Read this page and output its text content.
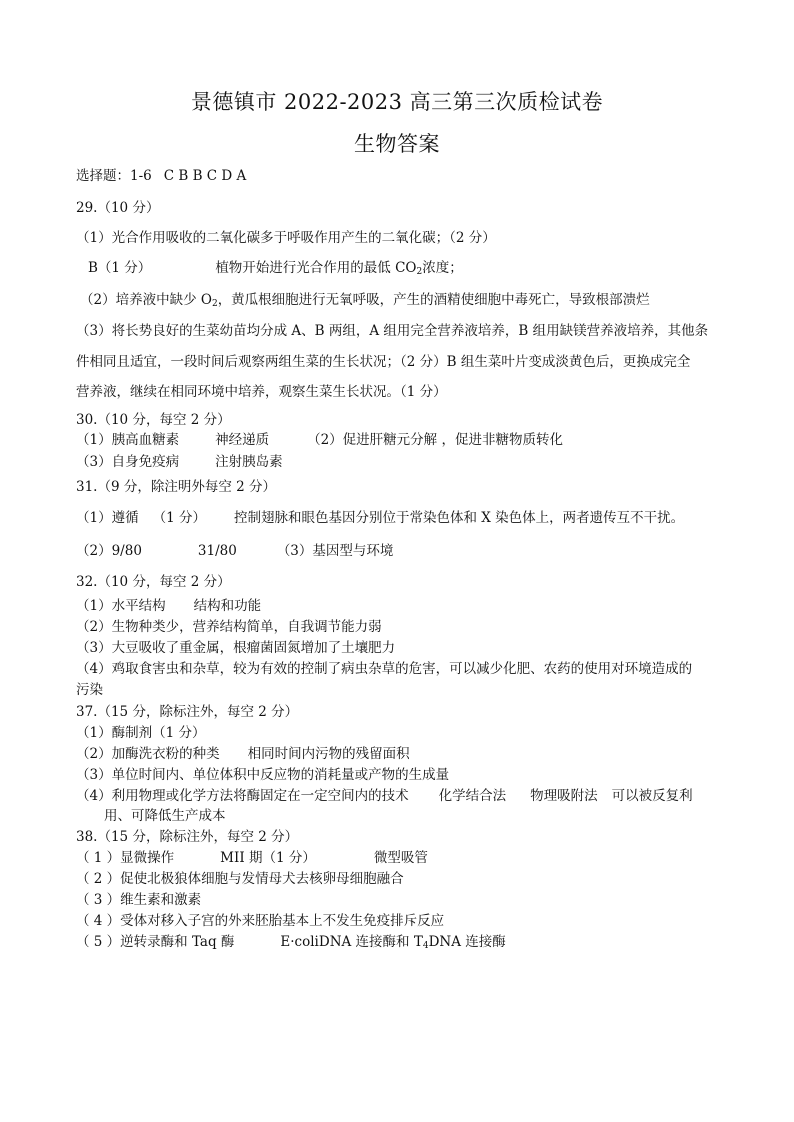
景德镇市 2022-2023 高三第三次质检试卷
生物答案
选择题：1-6 C B B C D A
29.（10 分）
（1）光合作用吸收的二氧化碳多于呼吸作用产生的二氧化碳；（2 分）
B（1 分）	植物开始进行光合作用的最低 $CO_2$浓度；
（2）培养液中缺少 $O_2$，黄瓜根细胞进行无氧呼吸，产生的酒精使细胞中毒死亡，导致根部溃烂
（3）将长势良好的生菜幼苗均分成 A、B 两组，A 组用完全营养液培养，B 组用缺镁营养液培养，其他条
件相同且适宜，一段时间后观察两组生菜的生长状况；（2 分）B 组生菜叶片变成淡黄色后，更换成完全
营养液，继续在相同环境中培养，观察生菜生长状况。（1 分）
30.（10 分，每空 2 分）
（1）胰高血糖素	神经递质	（2）促进肝糖元分解 ，促进非糖物质转化
（3）自身免疫病	注射胰岛素
31.（9 分，除注明外每空 2 分）
（1）遵循 （1 分） 控制翅脉和眼色基因分别位于常染色体和 X 染色体上，两者遗传互不干扰。
（2）9/80	31/80	（3）基因型与环境
32.（10 分，每空 2 分）
（1）水平结构 结构和功能
（2）生物种类少，营养结构简单，自我调节能力弱
（3）大豆吸收了重金属，根瘤菌固氮增加了土壤肥力
（4）鸡取食害虫和杂草，较为有效的控制了病虫杂草的危害，可以减少化肥、农药的使用对环境造成的
污染
37.（15 分，除标注外，每空 2 分）
（1）酶制剂（1 分）
（2）加酶洗衣粉的种类 相同时间内污物的残留面积
（3）单位时间内、单位体积中反应物的消耗量或产物的生成量
（4）利用物理或化学方法将酶固定在一定空间内的技术 化学结合法 物理吸附法 可以被反复利
用、可降低生产成本
38.（15 分，除标注外，每空 2 分）
（ 1 ）显微操作	MII 期（1 分）	微型吸管
（ 2 ）促使北极狼体细胞与发情母犬去核卵母细胞融合
（ 3 ）维生素和激素
（ 4 ）受体对移入子宫的外来胚胎基本上不发生免疫排斥反应
（ 5 ）逆转录酶和 Taq 酶	E·coliDNA 连接酶和 $T_4DNA$ 连接酶
